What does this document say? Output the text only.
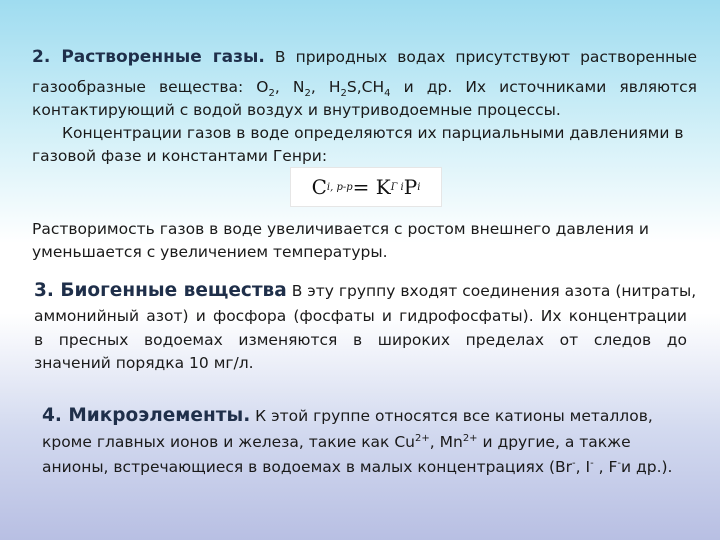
2. Растворенные газы. В природных водах присутствуют растворенные

газообразные вещества: $O_2$, $N_2$, $H_2S,CH_4$ и др. Их источниками являются

контактирующий с водой воздух и внутриводоемные процессы.

Концентрации газов в воде определяются их парциальными давлениями в

газовой фазе и константами Генри:

C i, p-p = K Г i P i

Растворимость газов в воде увеличивается с ростом внешнего давления и

уменьшается с увеличением температуры.

3. Биогенные вещества В эту группу входят соединения азота (нитраты,

аммонийный азот) и фосфора (фосфаты и гидрофосфаты). Их концентрации

в пресных водоемах изменяются в широких пределах от следов до

значений порядка 10 мг/л.

4. Микроэлементы. К этой группе относятся все катионы металлов,

кроме главных ионов и железа, такие как $Cu^{2+}$, $Mn^{2+}$ и другие, а также

анионы, встречающиеся в водоемах в малых концентрациях (Br-, I- , F-и др.).
